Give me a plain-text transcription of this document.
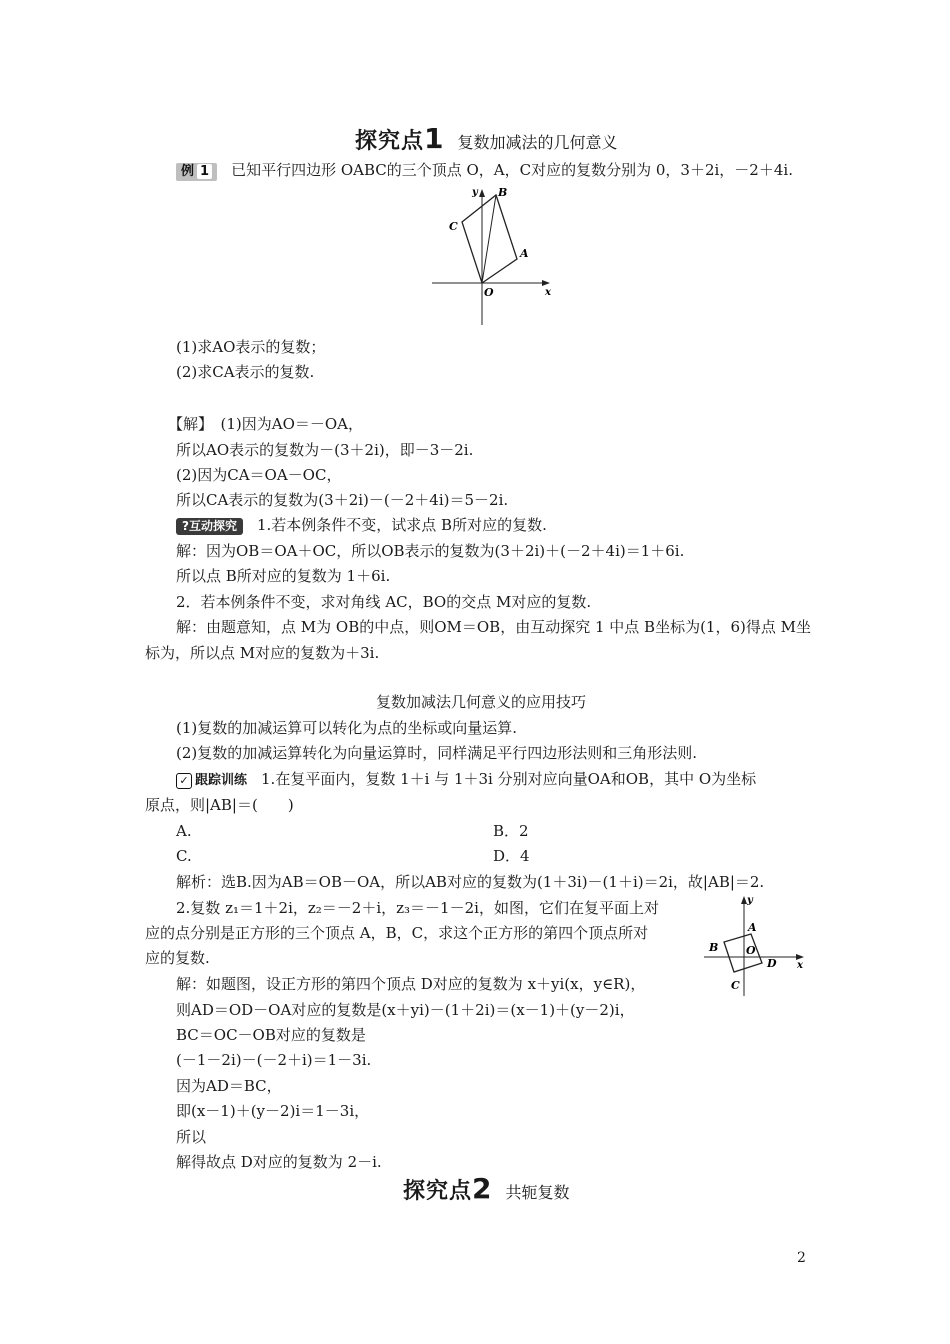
探究点 1 复数加减法的几何意义
例 1 已知平行四边形 OABC的三个顶点 O，A，C对应的复数分别为 0，3＋2i，－2＋4i.
y
x
O
A
B
C
(1)求AO表示的复数；
(2)求CA表示的复数.
【解】　(1)因为AO＝－OA，
所以AO表示的复数为－(3＋2i)，即－3－2i.
(2)因为CA＝OA－OC，
所以CA表示的复数为(3＋2i)－(－2＋4i)＝5－2i.
?互动探究 1.若本例条件不变，试求点 B所对应的复数.
解：因为OB＝OA＋OC，所以OB表示的复数为(3＋2i)＋(－2＋4i)＝1＋6i.
所以点 B所对应的复数为 1＋6i.
2．若本例条件不变，求对角线 AC，BO的交点 M对应的复数.
解：由题意知，点 M为 OB的中点，则OM＝OB，由互动探究 1 中点 B坐标为(1，6)得点 M坐
标为，所以点 M对应的复数为＋3i.
复数加减法几何意义的应用技巧
(1)复数的加减运算可以转化为点的坐标或向量运算.
(2)复数的加减运算转化为向量运算时，同样满足平行四边形法则和三角形法则.
✓ 跟踪训练 1.在复平面内，复数 1＋i 与 1＋3i 分别对应向量OA和OB，其中 O为坐标
原点，则|AB|＝(　　)
A.	B．2
C.	D．4
解析：选B.因为AB＝OB－OA，所以AB对应的复数为(1＋3i)－(1＋i)＝2i，故|AB|＝2.
2.复数 z₁＝1＋2i，z₂＝－2＋i，z₃＝－1－2i，如图，它们在复平面上对
应的点分别是正方形的三个顶点 A，B，C，求这个正方形的第四个顶点所对
应的复数.
y
x
O
A
B
C
D
解：如题图，设正方形的第四个顶点 D对应的复数为 x＋yi(x，y∈R)，
则AD＝OD－OA对应的复数是(x＋yi)－(1＋2i)＝(x－1)＋(y－2)i，
BC＝OC－OB对应的复数是
(－1－2i)－(－2＋i)＝1－3i.
因为AD＝BC，
即(x－1)＋(y－2)i＝1－3i，
所以
解得故点 D对应的复数为 2－i.
探究点 2 共轭复数
2
